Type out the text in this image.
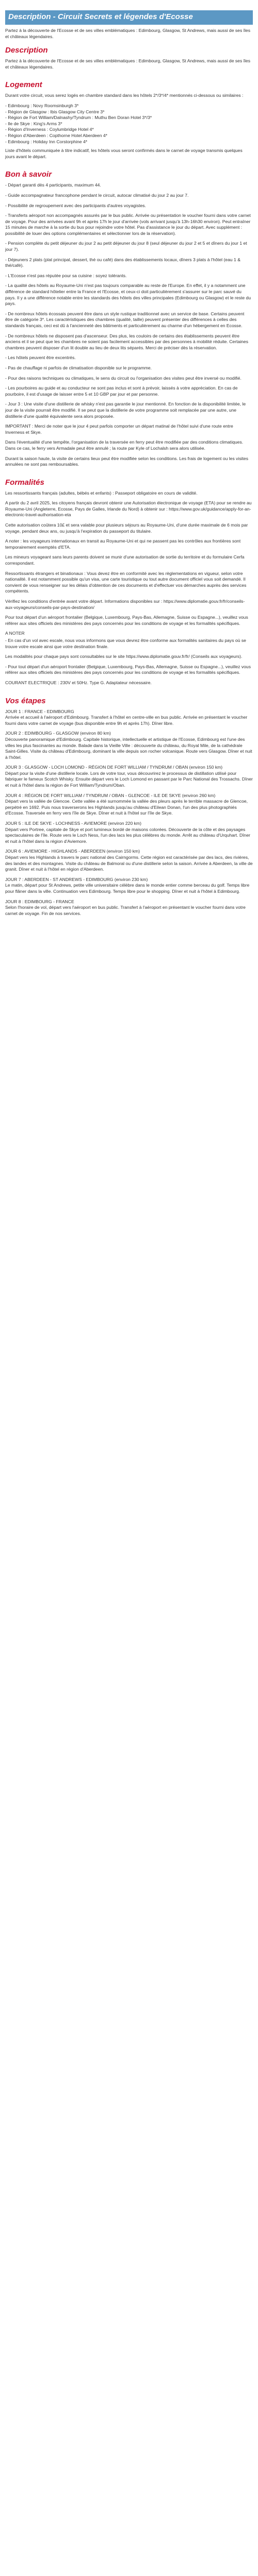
Description - Circuit Secrets et légendes d'Ecosse

Partez à la découverte de l'Ecosse et de ses villes emblématiques : Edimbourg, Glasgow, St Andrews, mais aussi de ses îles et châteaux légendaires.

Description

Partez à la découverte de l'Ecosse et de ses villes emblématiques : Edimbourg, Glasgow, St Andrews, mais aussi de ses îles et châteaux légendaires.

Logement

Durant votre circuit, vous serez logés en chambre standard dans les hôtels 2*/3*/4* mentionnés ci-dessous ou similaires :

- Edimbourg : Novy Roomsinburgh 3*
- Région de Glasgow : Ibis Glasgow City Centre 3*
- Région de Fort William/Dalnashy/Tyndrum : Muthu Ben Doran Hotel 3*/3*
- Ile de Skye : King's Arms 3*
- Région d'Inverness : Coylumbridge Hotel 4*
- Région d'Aberdeen : Copthorne Hotel Aberdeen 4*
- Edimbourg : Holiday Inn Corstorphine 4*

Liste d'hôtels communiquée à titre indicatif, les hôtels vous seront confirmés dans le carnet de voyage transmis quelques jours avant le départ.

Bon à savoir

- Départ garanti dès 4 participants, maximum 44.

- Guide accompagnateur francophone pendant le circuit, autocar climatisé du jour 2 au jour 7.

- Possibilité de regroupement avec des participants d'autres voyagistes.

- Transferts aéroport non accompagnés assurés par le bus public. Arrivée ou présentation le voucher fourni dans votre carnet de voyage. Pour des arrivées avant 9h et après 17h le jour d'arrivée (vols arrivant jusqu'à 13h-16h30 environ). Peut entraîner 15 minutes de marche à la sortie du bus pour rejoindre votre hôtel. Pas d'assistance le jour du départ. Avec supplément : possibilité de louer des options complémentaires et sélectionner lors de la réservation).

- Pension complète du petit déjeuner du jour 2 au petit déjeuner du jour 8 (seul déjeuner du jour 2 et 5 et dîners du jour 1 et jour 7).

- Déjeuners 2 plats (plat principal, dessert, thé ou café) dans des établissements locaux, dîners 3 plats à l'hôtel (eau 1 & thé/café).

- L'Ecosse n'est pas réputée pour sa cuisine : soyez tolérants.

- La qualité des hôtels au Royaume-Uni n'est pas toujours comparable au reste de l'Europe. En effet, il y a notamment une différence de standard hôtelier entre la France et l'Ecosse, et ceux-ci doit particulièrement s'assurer sur le parc sauvé du pays. Il y a une différence notable entre les standards des hôtels des villes principales (Edimbourg ou Glasgow) et le reste du pays.

- De nombreux hôtels écossais peuvent être dans un style rustique traditionnel avec un service de base. Certains peuvent être de catégorie 3*. Les caractéristiques des chambres (qualité, taille) peuvent présenter des différences à celles des standards français, ceci est dû à l'ancienneté des bâtiments et particulièrement au charme d'un hébergement en Ecosse.

- De nombreux hôtels ne disposent pas d'ascenseur. Des plus, les couloirs de certains des établissements peuvent être anciens et il se peut que les chambres ne soient pas facilement accessibles par des personnes à mobilité réduite. Certaines chambres peuvent disposer d'un lit double au lieu de deux lits séparés. Merci de préciser dès la réservation.

- Les hôtels peuvent être excentrés.

- Pas de chauffage ni parfois de climatisation disponible sur le programme.

- Pour des raisons techniques ou climatiques, le sens du circuit ou l'organisation des visites peut être inversé ou modifié.

- Les pourboires au guide et au conducteur ne sont pas inclus et sont à prévoir, laissés à votre appréciation. En cas de pourboire, il est d'usage de laisser entre 5 et 10 GBP par jour et par personne.

- Jour 3 : Une visite d'une distillerie de whisky n'est pas garantie le jour mentionné. En fonction de la disponibilité limitée, le jour de la visite pourrait être modifié. Il se peut que la distillerie de votre programme soit remplacée par une autre, une distillerie d'une qualité équivalente sera alors proposée.

IMPORTANT : Merci de noter que le jour 4 peut parfois comporter un départ matinal de l'hôtel suivi d'une route entre Inverness et Skye.

Dans l'éventualité d'une tempête, l'organisation de la traversée en ferry peut être modifiée par des conditions climatiques. Dans ce cas, le ferry vers Armadale peut être annulé ; la route par Kyle of Lochalsh sera alors utilisée.

Durant la saison haute, la visite de certains lieux peut être modifiée selon les conditions. Les frais de logement ou les visites annulées ne sont pas remboursables.

Formalités

Les ressortissants français (adultes, bébés et enfants) : Passeport obligatoire en cours de validité.

A partir du 2 avril 2025, les citoyens français devront obtenir une Autorisation électronique de voyage (ETA) pour se rendre au Royaume-Uni (Angleterre, Ecosse, Pays de Galles, Irlande du Nord) à obtenir sur : https://www.gov.uk/guidance/apply-for-an-electronic-travel-authorisation-eta

Cette autorisation coûtera 10£ et sera valable pour plusieurs séjours au Royaume-Uni, d'une durée maximale de 6 mois par voyage, pendant deux ans, ou jusqu'à l'expiration du passeport du titulaire.

A noter : les voyageurs internationaux en transit au Royaume-Uni et qui ne passent pas les contrôles aux frontières sont temporairement exemptés d'ETA.

Les mineurs voyageant sans leurs parents doivent se munir d'une autorisation de sortie du territoire et du formulaire Cerfa correspondant.

Ressortissants étrangers et binationaux : Vous devez être en conformité avec les règlementations en vigueur, selon votre nationalité. Il est notamment possible qu'un visa, une carte touristique ou tout autre document officiel vous soit demandé. Il convient de vous renseigner sur les délais d'obtention de ces documents et d'effectuer vos démarches auprès des services compétents.

Vérifiez les conditions d'entrée avant votre départ. Informations disponibles sur : https://www.diplomatie.gouv.fr/fr/conseils-aux-voyageurs/conseils-par-pays-destination/

Pour tout départ d'un aéroport frontalier (Belgique, Luxembourg, Pays-Bas, Allemagne, Suisse ou Espagne...), veuillez vous référer aux sites officiels des ministères des pays concernés pour les conditions de voyage et les formalités spécifiques.

A NOTER

- En cas d'un vol avec escale, nous vous informons que vous devrez être conforme aux formalités sanitaires du pays où se trouve votre escale ainsi que votre destination finale.

Les modalités pour chaque pays sont consultables sur le site https://www.diplomatie.gouv.fr/fr/ (Conseils aux voyageurs).

- Pour tout départ d'un aéroport frontalier (Belgique, Luxembourg, Pays-Bas, Allemagne, Suisse ou Espagne...), veuillez vous référer aux sites officiels des ministères des pays concernés pour les conditions de voyage et les formalités spécifiques.

COURANT ELECTRIQUE : 230V et 50Hz. Type G. Adaptateur nécessaire.

Vos étapes
JOUR 1 : FRANCE - EDIMBOURG

Arrivée et accueil à l'aéroport d'Edimbourg. Transfert à l'hôtel en centre-ville en bus public. Arrivée en présentant le voucher fourni dans votre carnet de voyage (bus disponible entre 9h et après 17h). Dîner libre.

JOUR 2 : EDIMBOURG - GLASGOW (environ 80 km)

Découverte panoramique d'Edimbourg. Capitale historique, intellectuelle et artistique de l'Ecosse, Edimbourg est l'une des villes les plus fascinantes au monde. Balade dans la Vieille Ville : découverte du château, du Royal Mile, de la cathédrale Saint-Gilles. Visite du château d'Edimbourg, dominant la ville depuis son rocher volcanique. Route vers Glasgow. Dîner et nuit à l'hôtel.

JOUR 3 : GLASGOW - LOCH LOMOND - RÉGION DE FORT WILLIAM / TYNDRUM / OBAN (environ 150 km)

Départ pour la visite d'une distillerie locale. Lors de votre tour, vous découvrirez le processus de distillation utilisé pour fabriquer le fameux Scotch Whisky. Ensuite départ vers le Loch Lomond en passant par le Parc National des Trossachs. Dîner et nuit à l'hôtel dans la région de Fort William/Tyndrum/Oban.

JOUR 4 : RÉGION DE FORT WILLIAM / TYNDRUM / OBAN - GLENCOE - ILE DE SKYE (environ 260 km)

Départ vers la vallée de Glencoe. Cette vallée a été surnommée la vallée des pleurs après le terrible massacre de Glencoe, perpétré en 1692. Puis nous traverserons les Highlands jusqu'au château d'Eilean Donan, l'un des plus photographiés d'Ecosse. Traversée en ferry vers l'île de Skye. Dîner et nuit à l'hôtel sur l'île de Skye.

JOUR 5 : ILE DE SKYE - LOCHNESS - AVIEMORE (environ 220 km)

Départ vers Portree, capitale de Skye et port lumineux bordé de maisons colorées. Découverte de la côte et des paysages spectaculaires de l'île. Route vers le Loch Ness, l'un des lacs les plus célèbres du monde. Arrêt au château d'Urquhart. Dîner et nuit à l'hôtel dans la région d'Aviemore.

JOUR 6 : AVIEMORE - HIGHLANDS - ABERDEEN (environ 150 km)

Départ vers les Highlands à travers le parc national des Cairngorms. Cette région est caractérisée par des lacs, des rivières, des landes et des montagnes. Visite du château de Balmoral ou d'une distillerie selon la saison. Arrivée à Aberdeen, la ville de granit. Dîner et nuit à l'hôtel en région d'Aberdeen.

JOUR 7 : ABERDEEN - ST ANDREWS - EDIMBOURG (environ 230 km)

Le matin, départ pour St Andrews, petite ville universitaire célèbre dans le monde entier comme berceau du golf. Temps libre pour flâner dans la ville. Continuation vers Edimbourg. Temps libre pour le shopping. Dîner et nuit à l'hôtel à Edimbourg.

JOUR 8 : EDIMBOURG - FRANCE

Selon l'horaire de vol, départ vers l'aéroport en bus public. Transfert à l'aéroport en présentant le voucher fourni dans votre carnet de voyage. Fin de nos services.
